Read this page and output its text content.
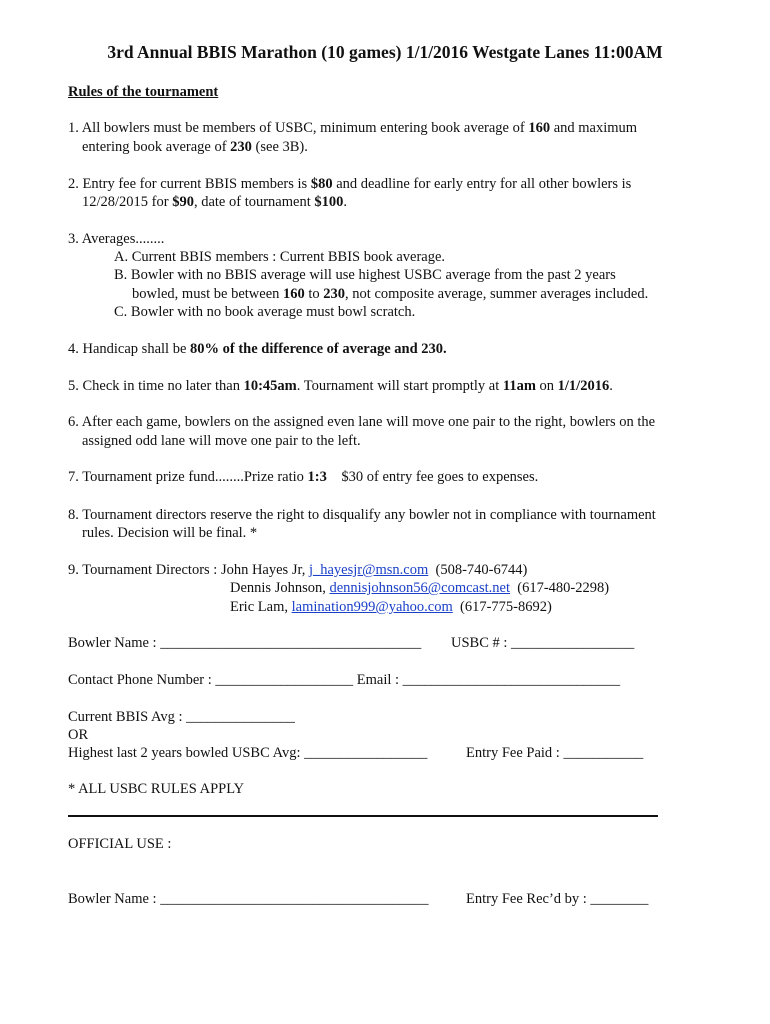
3rd Annual BBIS Marathon (10 games) 1/1/2016 Westgate Lanes 11:00AM
Rules of the tournament
1. All bowlers must be members of USBC, minimum entering book average of 160 and maximum
entering book average of 230 (see 3B).
2. Entry fee for current BBIS members is $80 and deadline for early entry for all other bowlers is
12/28/2015 for $90, date of tournament $100.
3. Averages........
A. Current BBIS members : Current BBIS book average.
B. Bowler with no BBIS average will use highest USBC average from the past 2 years
bowled, must be between 160 to 230, not composite average, summer averages included.
C. Bowler with no book average must bowl scratch.
4. Handicap shall be 80% of the difference of average and 230.
5. Check in time no later than 10:45am. Tournament will start promptly at 11am on 1/1/2016.
6. After each game, bowlers on the assigned even lane will move one pair to the right, bowlers on the
assigned odd lane will move one pair to the left.
7. Tournament prize fund........Prize ratio 1:3    $30 of entry fee goes to expenses.
8. Tournament directors reserve the right to disqualify any bowler not in compliance with tournament
rules. Decision will be final. *
9. Tournament Directors : John Hayes Jr, j_hayesjr@msn.com  (508-740-6744)
Dennis Johnson, dennisjohnson56@comcast.net  (617-480-2298)
Eric Lam, lamination999@yahoo.com  (617-775-8692)
Bowler Name : ____________________________________ USBC # : _________________
Contact Phone Number : ___________________ Email : ______________________________
Current BBIS Avg : _______________
OR
Highest last 2 years bowled USBC Avg: _________________	Entry Fee Paid : ___________
* ALL USBC RULES APPLY
OFFICIAL USE :
Bowler Name : _____________________________________	Entry Fee Rec’d by : ________
